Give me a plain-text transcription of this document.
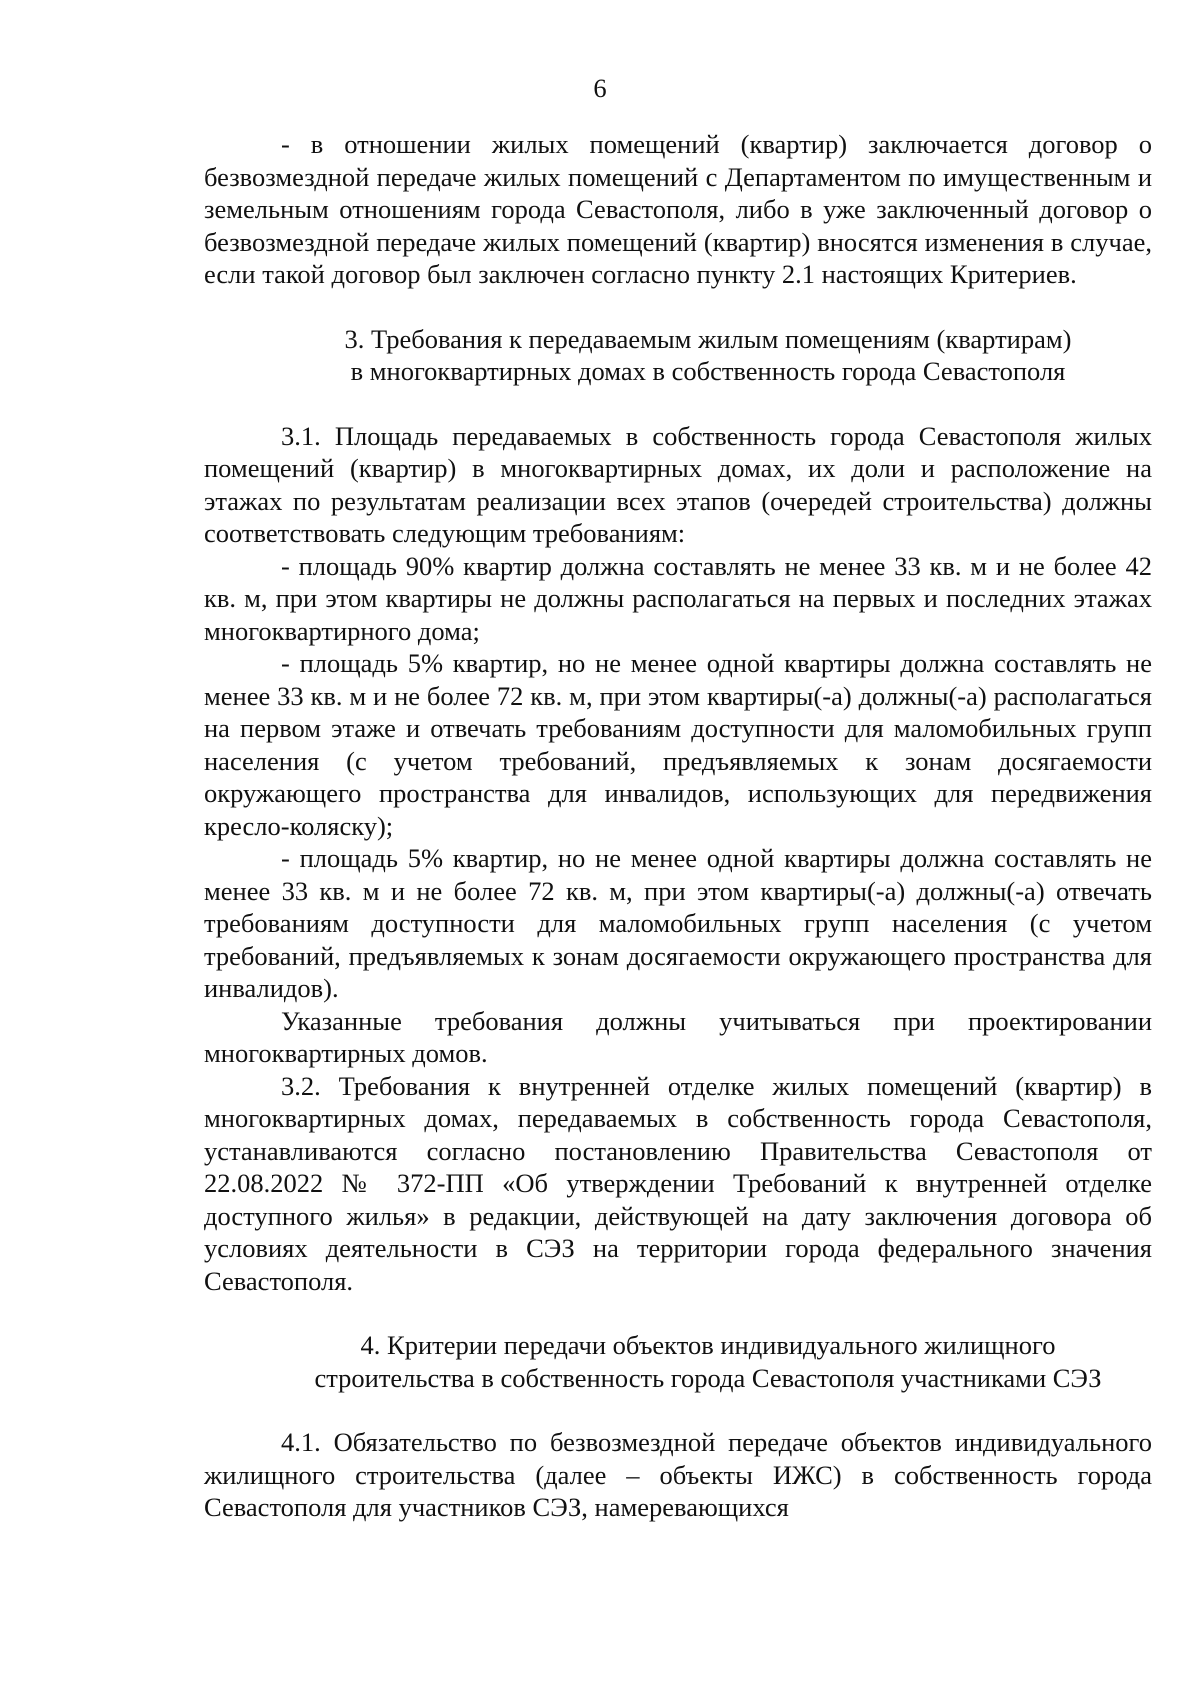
6

- в отношении жилых помещений (квартир) заключается договор о безвозмездной передаче жилых помещений с Департаментом по имущественным и земельным отношениям города Севастополя, либо в уже заключенный договор о безвозмездной передаче жилых помещений (квартир) вносятся изменения в случае, если такой договор был заключен согласно пункту 2.1 настоящих Критериев.

3. Требования к передаваемым жилым помещениям (квартирам)
в многоквартирных домах в собственность города Севастополя

3.1. Площадь передаваемых в собственность города Севастополя жилых помещений (квартир) в многоквартирных домах, их доли и расположение на этажах по результатам реализации всех этапов (очередей строительства) должны соответствовать следующим требованиям:

- площадь 90% квартир должна составлять не менее 33 кв. м и не более 42 кв. м, при этом квартиры не должны располагаться на первых и последних этажах многоквартирного дома;

- площадь 5% квартир, но не менее одной квартиры должна составлять не менее 33 кв. м и не более 72 кв. м, при этом квартиры(-а) должны(-а) располагаться на первом этаже и отвечать требованиям доступности для маломобильных групп населения (с учетом требований, предъявляемых к зонам досягаемости окружающего пространства для инвалидов, использующих для передвижения кресло-коляску);

- площадь 5% квартир, но не менее одной квартиры должна составлять не менее 33 кв. м и не более 72 кв. м, при этом квартиры(-а) должны(-а) отвечать требованиям доступности для маломобильных групп населения (с учетом требований, предъявляемых к зонам досягаемости окружающего пространства для инвалидов).

Указанные требования должны учитываться при проектировании многоквартирных домов.

3.2. Требования к внутренней отделке жилых помещений (квартир) в многоквартирных домах, передаваемых в собственность города Севастополя, устанавливаются согласно постановлению Правительства Севастополя от 22.08.2022 № 372-ПП «Об утверждении Требований к внутренней отделке доступного жилья» в редакции, действующей на дату заключения договора об условиях деятельности в СЭЗ на территории города федерального значения Севастополя.

4. Критерии передачи объектов индивидуального жилищного
строительства в собственность города Севастополя участниками СЭЗ

4.1. Обязательство по безвозмездной передаче объектов индивидуального жилищного строительства (далее – объекты ИЖС) в собственность города Севастополя для участников СЭЗ, намеревающихся
